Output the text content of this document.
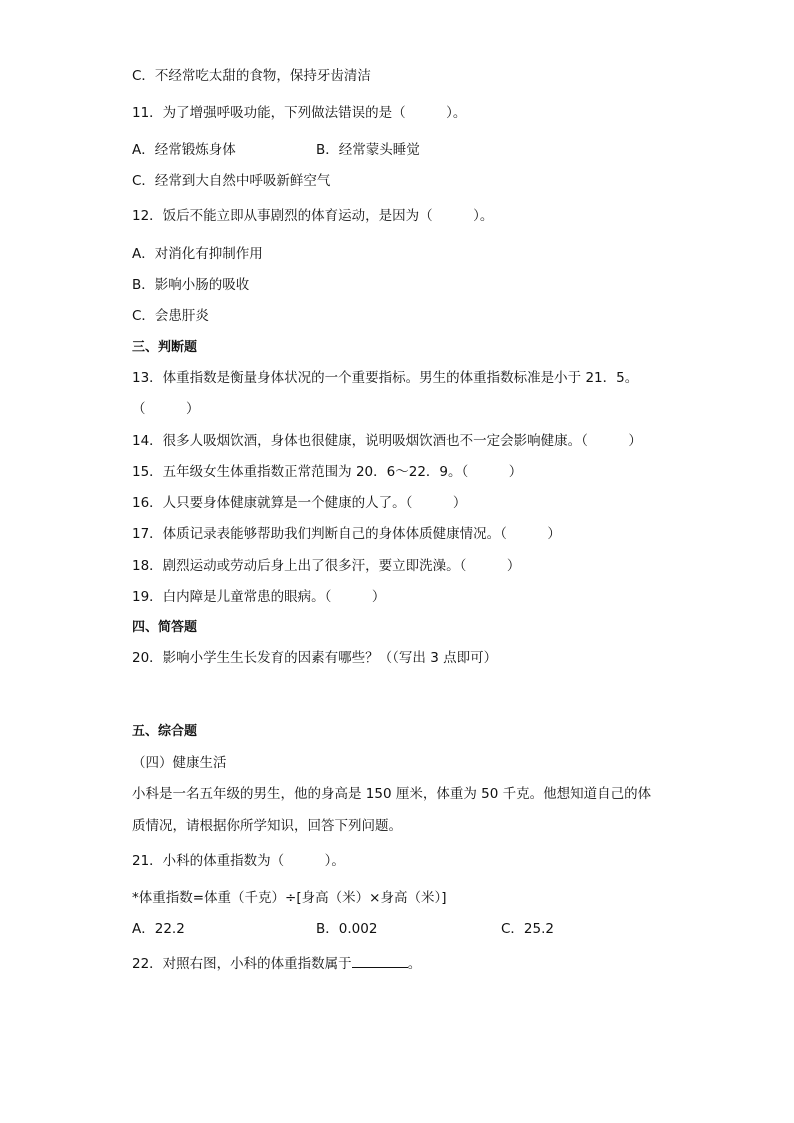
C．不经常吃太甜的食物，保持牙齿清洁
11．为了增强呼吸功能，下列做法错误的是（　　　）。
A．经常锻炼身体	B．经常蒙头睡觉
C．经常到大自然中呼吸新鲜空气
12．饭后不能立即从事剧烈的体育运动，是因为（　　　）。
A．对消化有抑制作用
B．影响小肠的吸收
C．会患肝炎
三、判断题
13．体重指数是衡量身体状况的一个重要指标。男生的体重指数标准是小于 21．5。
（　　　）
14．很多人吸烟饮酒，身体也很健康，说明吸烟饮酒也不一定会影响健康。（　　　）
15．五年级女生体重指数正常范围为 20．6～22．9。（　　　）
16．人只要身体健康就算是一个健康的人了。（　　　）
17．体质记录表能够帮助我们判断自己的身体体质健康情况。（　　　）
18．剧烈运动或劳动后身上出了很多汗，要立即洗澡。（　　　）
19．白内障是儿童常患的眼病。（　　　）
四、简答题
20．影响小学生生长发育的因素有哪些？（（写出 3 点即可）
五、综合题
（四）健康生活
小科是一名五年级的男生，他的身高是 150 厘米，体重为 50 千克。他想知道自己的体
质情况，请根据你所学知识，回答下列问题。
21．小科的体重指数为（　　　）。
*体重指数=体重（千克）÷[身高（米）×身高（米）]
A．22.2	B．0.002	C．25.2
22．对照右图，小科的体重指数属于	。
